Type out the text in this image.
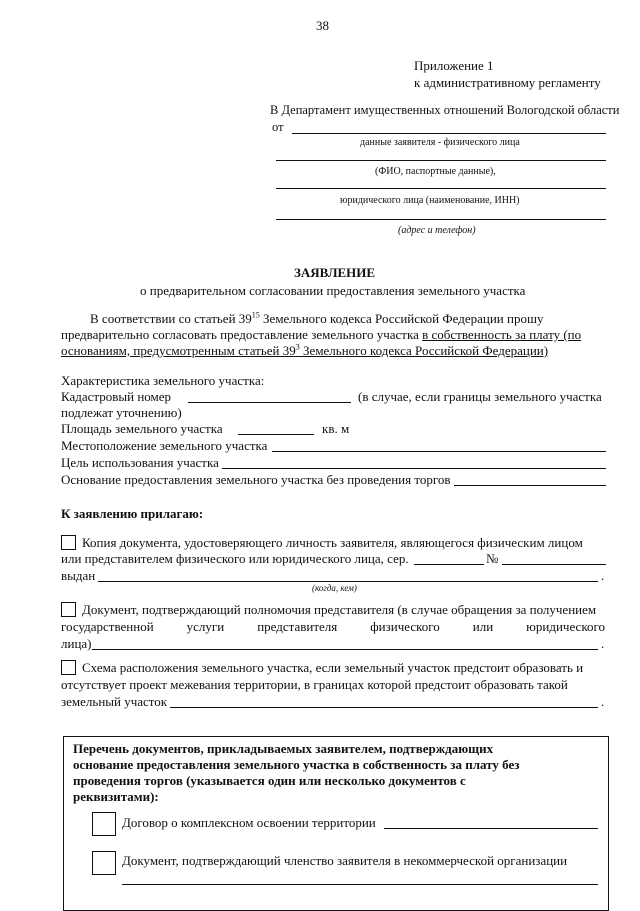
38
Приложение 1
к административному регламенту
В Департамент имущественных отношений Вологодской области
от
данные заявителя - физического лица
(ФИО, паспортные данные),
юридического лица (наименование, ИНН)
(адрес и телефон)
ЗАЯВЛЕНИЕ
о предварительном согласовании предоставления земельного участка
В соответствии со статьей $39^{15}$ Земельного кодекса Российской Федерации прошу
предварительно согласовать предоставление земельного участка в собственность за плату (по
основаниям, предусмотренным статьей $39^3$ Земельного кодекса Российской Федерации)
Характеристика земельного участка:
Кадастровый номер	(в случае, если границы земельного участка
подлежат уточнению)
Площадь земельного участка	кв. м
Местоположение земельного участка
Цель использования участка
Основание предоставления земельного участка без проведения торгов
К заявлению прилагаю:
Копия документа, удостоверяющего личность заявителя, являющегося физическим лицом
или представителем физического или юридического лица, сер.	№
выдан	.
(когда, кем)
Документ, подтверждающий полномочия представителя (в случае обращения за получением
государственной услуги представителя физического или юридического
лица)	.
Схема расположения земельного участка, если земельный участок предстоит образовать и
отсутствует проект межевания территории, в границах которой предстоит образовать такой
земельный участок	.
Перечень документов, прикладываемых заявителем, подтверждающих
основание предоставления земельного участка в собственность за плату без
проведения торгов (указывается один или несколько документов с
реквизитами):
Договор о комплексном освоении территории
Документ, подтверждающий членство заявителя в некоммерческой организации
